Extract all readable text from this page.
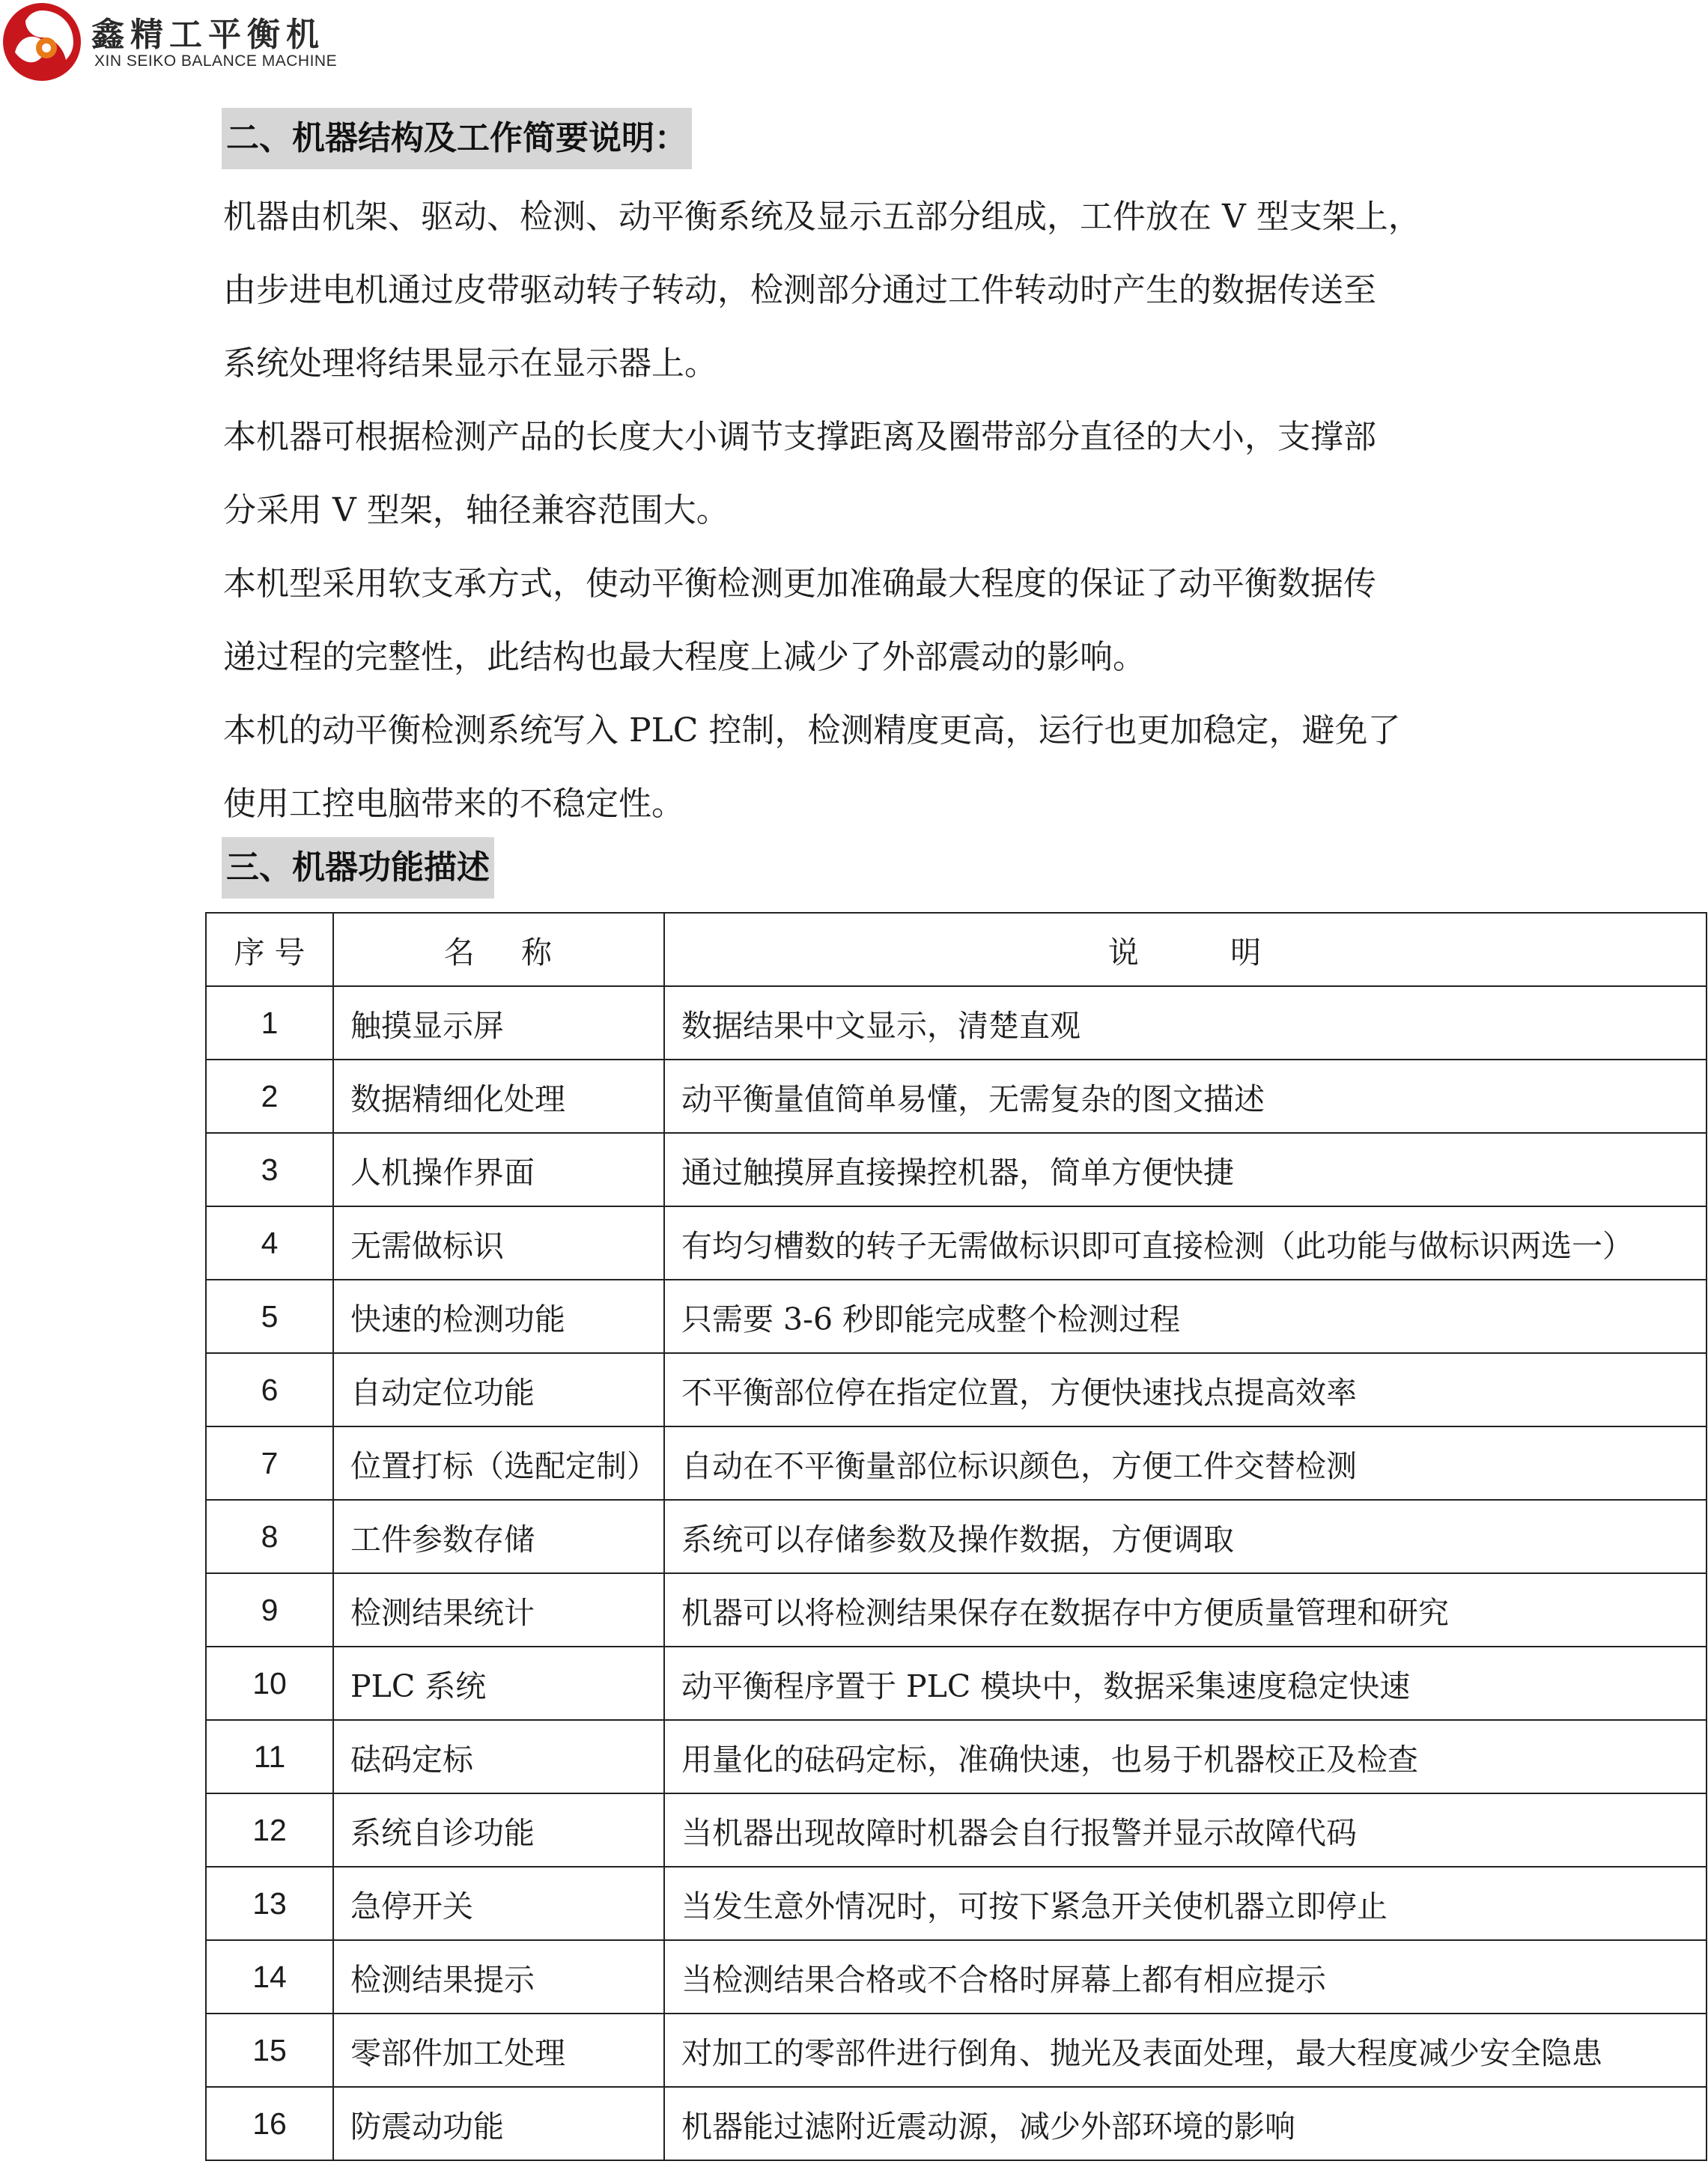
鑫精工平衡机
XIN SEIKO BALANCE MACHINE
二、机器结构及工作简要说明：
机器由机架、驱动、检测、动平衡系统及显示五部分组成，工件放在 V 型支架上，
由步进电机通过皮带驱动转子转动，检测部分通过工件转动时产生的数据传送至
系统处理将结果显示在显示器上。
本机器可根据检测产品的长度大小调节支撑距离及圈带部分直径的大小，支撑部
分采用 V 型架，轴径兼容范围大。
本机型采用软支承方式，使动平衡检测更加准确最大程度的保证了动平衡数据传
递过程的完整性，此结构也最大程度上减少了外部震动的影响。
本机的动平衡检测系统写入 PLC 控制，检测精度更高，运行也更加稳定，避免了
使用工控电脑带来的不稳定性。
三、机器功能描述
序 号	名    称	说        明
1	触摸显示屏	数据结果中文显示，清楚直观
2	数据精细化处理	动平衡量值简单易懂，无需复杂的图文描述
3	人机操作界面	通过触摸屏直接操控机器，简单方便快捷
4	无需做标识	有均匀槽数的转子无需做标识即可直接检测（此功能与做标识两选一）
5	快速的检测功能	只需要 3-6 秒即能完成整个检测过程
6	自动定位功能	不平衡部位停在指定位置，方便快速找点提高效率
7	位置打标（选配定制）	自动在不平衡量部位标识颜色，方便工件交替检测
8	工件参数存储	系统可以存储参数及操作数据，方便调取
9	检测结果统计	机器可以将检测结果保存在数据存中方便质量管理和研究
10	PLC 系统	动平衡程序置于 PLC 模块中，数据采集速度稳定快速
11	砝码定标	用量化的砝码定标，准确快速，也易于机器校正及检查
12	系统自诊功能	当机器出现故障时机器会自行报警并显示故障代码
13	急停开关	当发生意外情况时，可按下紧急开关使机器立即停止
14	检测结果提示	当检测结果合格或不合格时屏幕上都有相应提示
15	零部件加工处理	对加工的零部件进行倒角、抛光及表面处理，最大程度减少安全隐患
16	防震动功能	机器能过滤附近震动源，减少外部环境的影响
